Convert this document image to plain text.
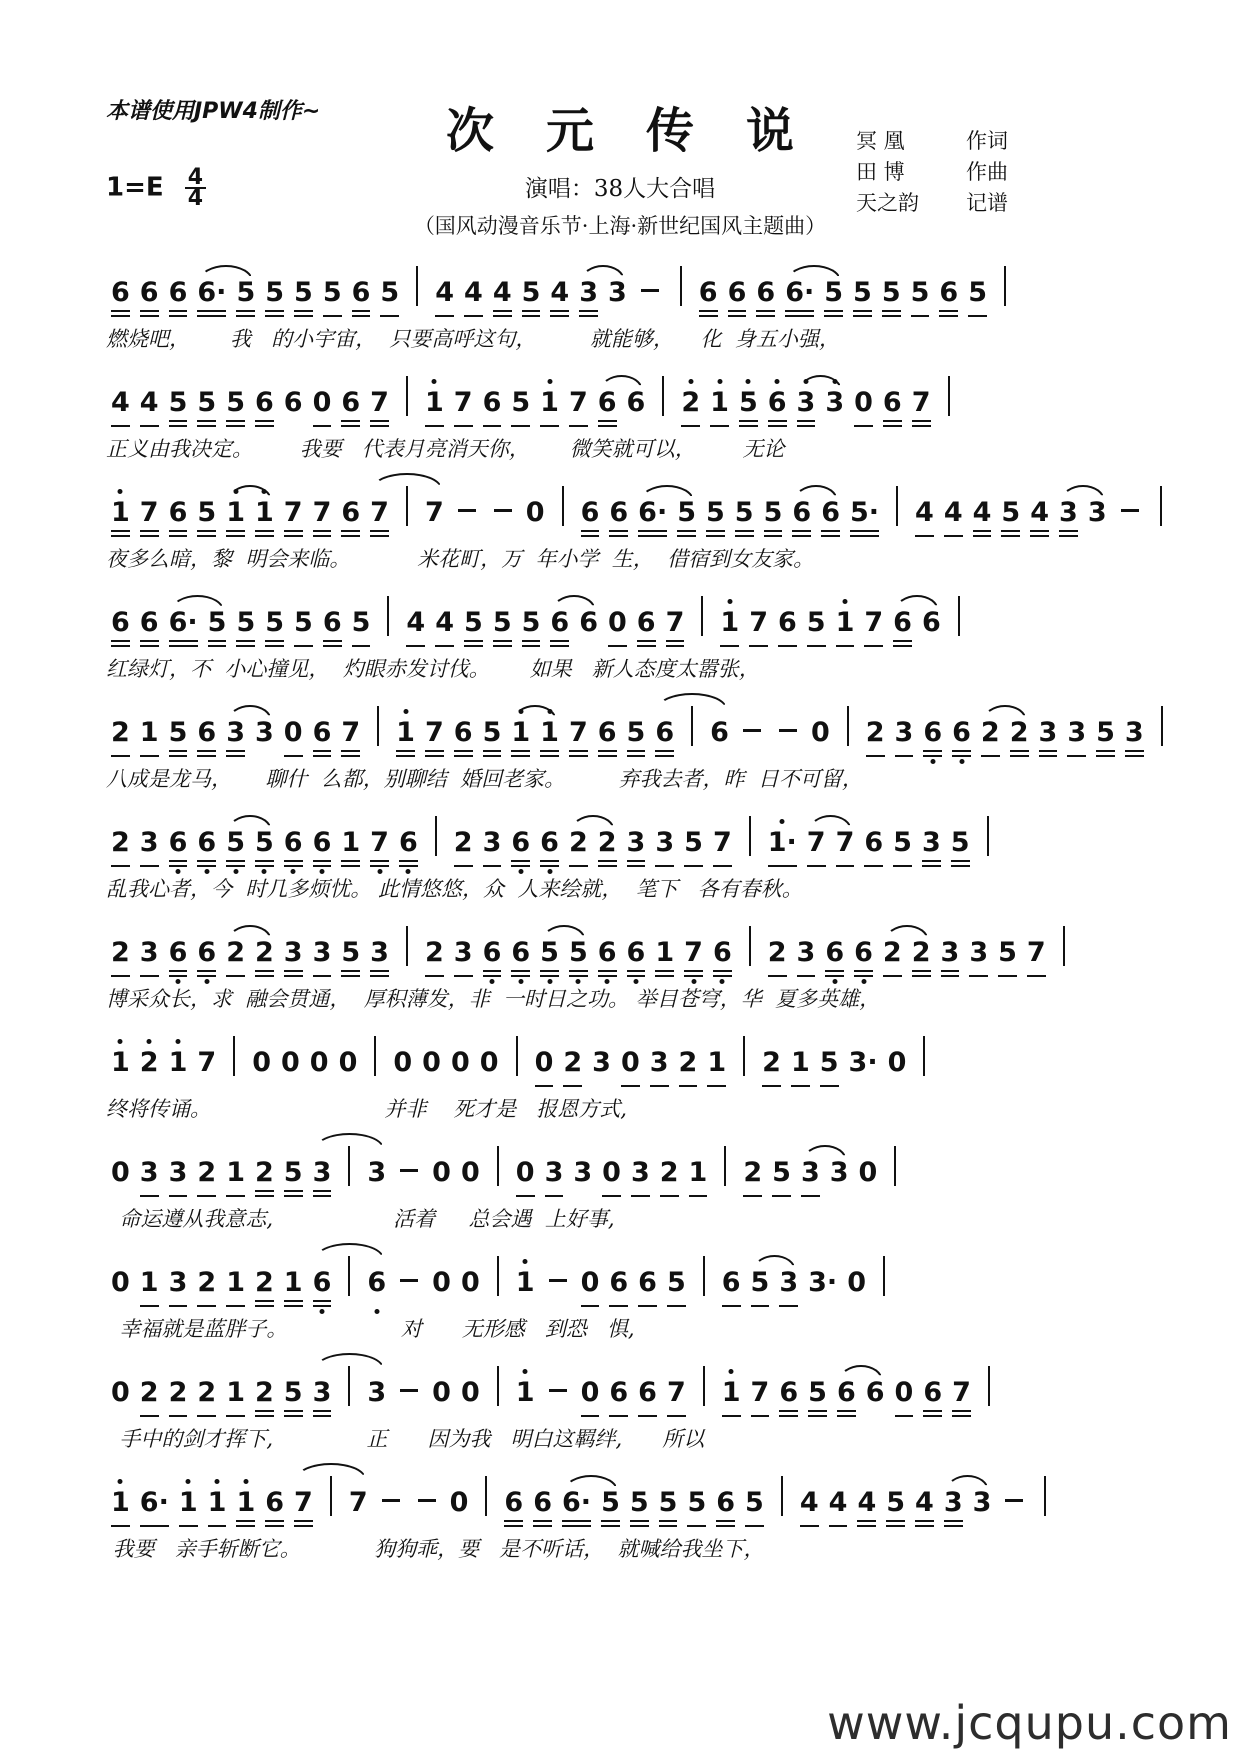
本谱使用JPW4制作~	次元传说 冥 凰	作词
田 博	作曲
天之韵 记谱
$1=E \frac{4}{4}$	演唱：38人大合唱
（国风动漫音乐节·上海·新世纪国风主题曲）
6 6 6 6· 5 5 5 5 6 5 4 4 4 5 4 3 3	6 6 6 6· 5 5 5 5 6 5
燃烧吧，      我   的小宇宙，  只要高呼这句，        就能够，    化  身五小强，
4 4 5 5 5 6 6 0 6 7 1 7 6 5 1 7 6 6 2 1 5 6 3 3 0 6 7
正义由我决定。       我要   代表月亮消天你，      微笑就可以，       无论
1 7 6 5 1 1 7 7 6 7 7	0 6 6 6· 5 5 5 5 6 6 5· 4 4 4 5 4 3 3
夜多么暗，黎  明会来临。          米花町，万  年小学  生，  借宿到女友家。
6 6 6· 5 5 5 5 6 5 4 4 5 5 5 6 6 0 6 7 1 7 6 5 1 7 6 6
红绿灯，不  小心撞见，  灼眼赤发讨伐。      如果   新人态度太嚣张，
2 1 5 6 3 3 0 6 7 1 7 6 5 1 1 7 6 5 6 6	0 2 3 6 6 2 2 3 3 5 3
八成是龙马，     聊什  么都，别聊结  婚回老家。        弃我去者，昨  日不可留，
2 3 6 6 5 5 6 6 1 7 6 2 3 6 6 2 2 3 3 5 7 1· 7 7 6 5 3 5
乱我心者，今  时几多烦忧。 此情悠悠，众  人来绘就，  笔下   各有春秋。
2 3 6 6 2 2 3 3 5 3 2 3 6 6 5 5 6 6 1 7 6 2 3 6 6 2 2 3 3 5 7
博采众长，求  融会贯通，  厚积薄发，非  一时日之功。 举目苍穹，华  夏多英雄，
1 2 1 7 0 0 0 0 0 0 0 0 0 2 3 0 3 2 1 2 1 5 3· 0
终将传诵。                          并非    死才是   报恩方式,
0 3 3 2 1 2 5 3 3 0 0 0 3 3 0 3 2 1 2 5 3 3 0
命运遵从我意志,                  活着     总会遇  上好事,
0 1 3 2 1 2 1 6 6 0 0 1 0 6 6 5 6 5 3 3· 0
幸福就是蓝胖子。                 对      无形感   到恐   惧,
0 2 2 2 1 2 5 3 3 0 0 1 0 6 6 7 1 7 6 5 6 6 0 6 7
手中的剑才挥下,              正      因为我   明白这羁绊,      所以
1 6· 1 1 1 6 7 7	0 6 6 6· 5 5 5 5 6 5 4 4 4 5 4 3 3
我要   亲手斩断它。           狗狗乖，要   是不听话，  就喊给我坐下，
www.jcqupu.com
